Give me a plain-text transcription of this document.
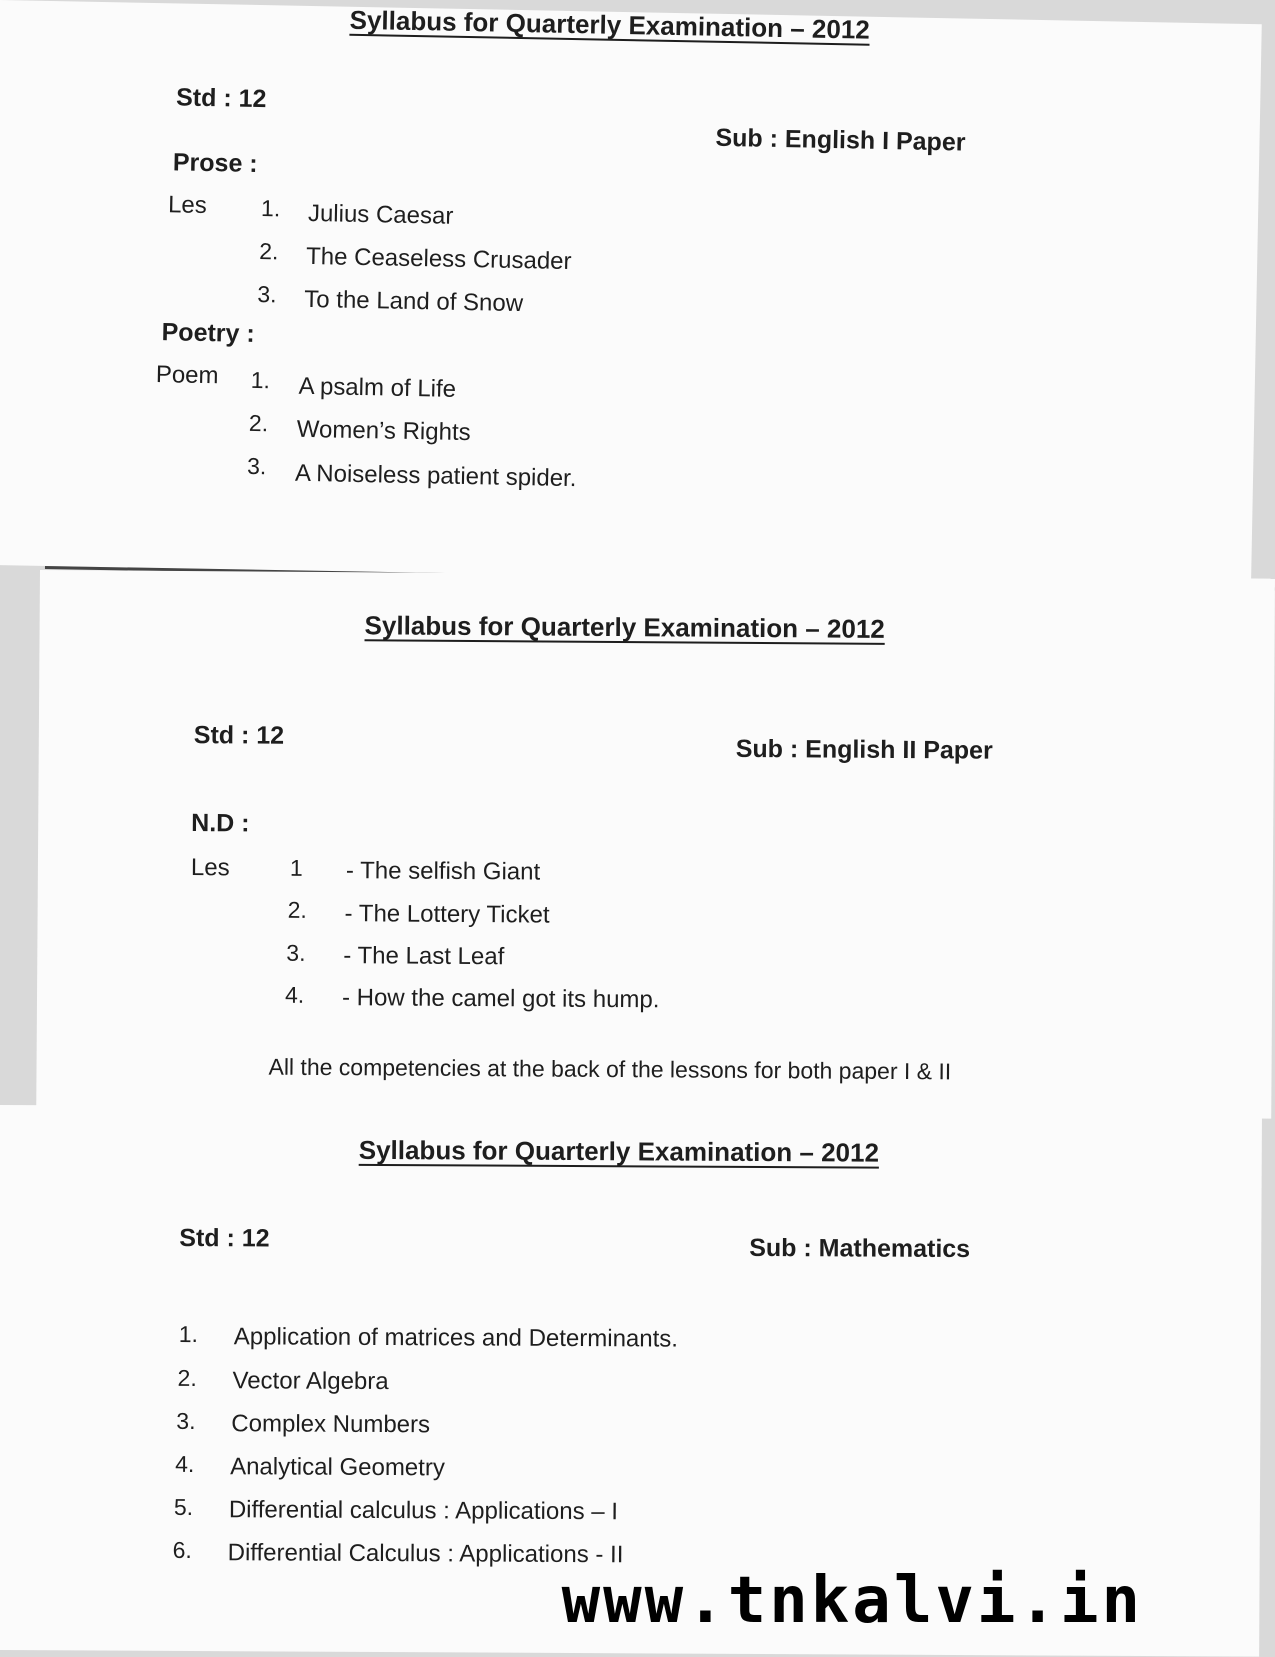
Syllabus for Quarterly Examination – 2012
Std : 12
Sub : English I Paper
Prose :
Les 1. Julius Caesar
2. The Ceaseless Crusader
3. To the Land of Snow
Poetry :
Poem 1. A psalm of Life
2. Women’s Rights
3. A Noiseless patient spider.
Syllabus for Quarterly Examination – 2012
Std : 12	Sub : English II Paper
N.D :
Les	1 - The selfish Giant
2. - The Lottery Ticket
3. - The Last Leaf
4. - How the camel got its hump.
All the competencies at the back of the lessons for both paper I & II
Syllabus for Quarterly Examination – 2012
Std : 12	Sub : Mathematics
1. Application of matrices and Determinants.
2. Vector Algebra
3. Complex Numbers
4. Analytical Geometry
5. Differential calculus : Applications – I
6. Differential Calculus : Applications - II
www.tnkalvi.in
